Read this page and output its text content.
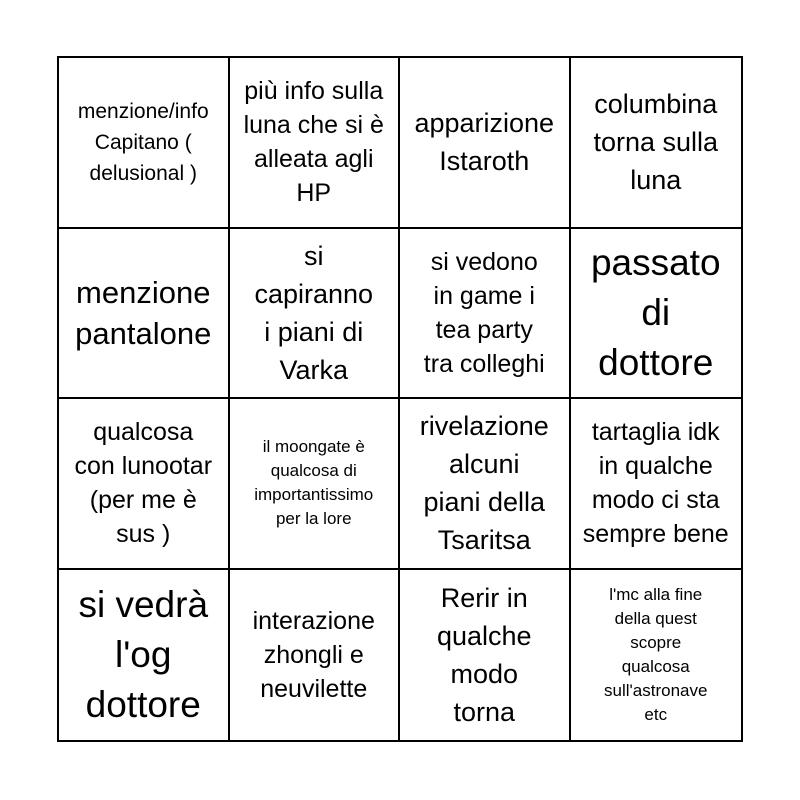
menzione/info
Capitano (
delusional )
più info sulla
luna che si è
alleata agli
HP
apparizione
Istaroth
columbina
torna sulla
luna
menzione
pantalone
si
capiranno
i piani di
Varka
si vedono
in game i
tea party
tra colleghi
passato
di
dottore
qualcosa
con lunootar
(per me è
sus )
il moongate è
qualcosa di
importantissimo
per la lore
rivelazione
alcuni
piani della
Tsaritsa
tartaglia idk
in qualche
modo ci sta
sempre bene
si vedrà
l'og
dottore
interazione
zhongli e
neuvilette
Rerir in
qualche
modo
torna
l'mc alla fine
della quest
scopre
qualcosa
sull'astronave
etc
